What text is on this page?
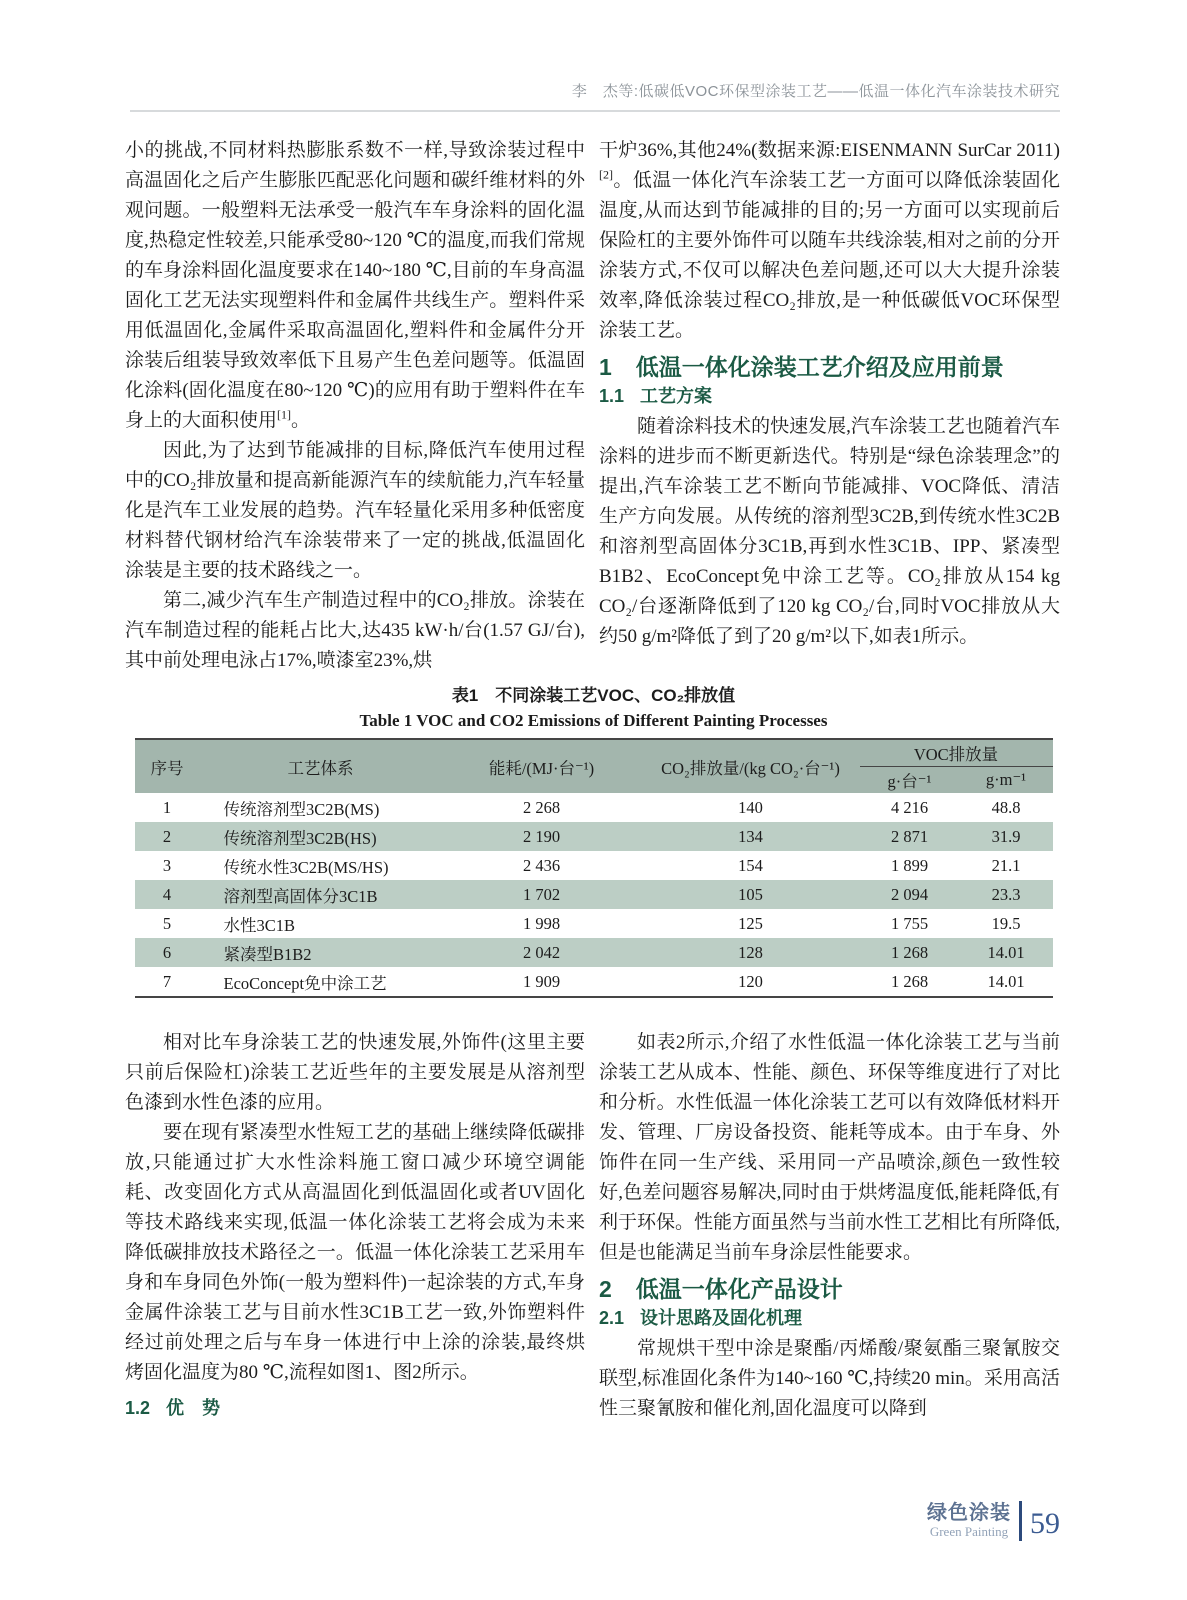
李　杰等:低碳低VOC环保型涂装工艺——低温一体化汽车涂装技术研究

小的挑战,不同材料热膨胀系数不一样,导致涂装过程中高温固化之后产生膨胀匹配恶化问题和碳纤维材料的外观问题。一般塑料无法承受一般汽车车身涂料的固化温度,热稳定性较差,只能承受80~120 ℃的温度,而我们常规的车身涂料固化温度要求在140~180 ℃,目前的车身高温固化工艺无法实现塑料件和金属件共线生产。塑料件采用低温固化,金属件采取高温固化,塑料件和金属件分开涂装后组装导致效率低下且易产生色差问题等。低温固化涂料(固化温度在80~120 ℃)的应用有助于塑料件在车身上的大面积使用[1]。

因此,为了达到节能减排的目标,降低汽车使用过程中的CO₂排放量和提高新能源汽车的续航能力,汽车轻量化是汽车工业发展的趋势。汽车轻量化采用多种低密度材料替代钢材给汽车涂装带来了一定的挑战,低温固化涂装是主要的技术路线之一。

第二,减少汽车生产制造过程中的CO₂排放。涂装在汽车制造过程的能耗占比大,达435 kW·h/台(1.57 GJ/台),其中前处理电泳占17%,喷漆室23%,烘

干炉36%,其他24%(数据来源:EISENMANN SurCar 2011)[2]。低温一体化汽车涂装工艺一方面可以降低涂装固化温度,从而达到节能减排的目的;另一方面可以实现前后保险杠的主要外饰件可以随车共线涂装,相对之前的分开涂装方式,不仅可以解决色差问题,还可以大大提升涂装效率,降低涂装过程CO₂排放,是一种低碳低VOC环保型涂装工艺。

1 低温一体化涂装工艺介绍及应用前景
1.1 工艺方案

随着涂料技术的快速发展,汽车涂装工艺也随着汽车涂料的进步而不断更新迭代。特别是“绿色涂装理念”的提出,汽车涂装工艺不断向节能减排、VOC降低、清洁生产方向发展。从传统的溶剂型3C2B,到传统水性3C2B和溶剂型高固体分3C1B,再到水性3C1B、IPP、紧凑型B1B2、EcoConcept免中涂工艺等。CO₂排放从154 kg CO₂/台逐渐降低到了120 kg CO₂/台,同时VOC排放从大约50 g/m²降低了到了20 g/m²以下,如表1所示。

表1　不同涂装工艺VOC、CO₂排放值
Table 1 VOC and CO2 Emissions of Different Painting Processes
序号	工艺体系	能耗/(MJ·台⁻¹)	CO₂排放量/(kg CO₂·台⁻¹)	VOC排放量	
				g·台⁻¹	g·m⁻¹
1	传统溶剂型3C2B(MS)	2 268	140	4 216	48.8
2	传统溶剂型3C2B(HS)	2 190	134	2 871	31.9
3	传统水性3C2B(MS/HS)	2 436	154	1 899	21.1
4	溶剂型高固体分3C1B	1 702	105	2 094	23.3
5	水性3C1B	1 998	125	1 755	19.5
6	紧凑型B1B2	2 042	128	1 268	14.01
7	EcoConcept免中涂工艺	1 909	120	1 268	14.01

相对比车身涂装工艺的快速发展,外饰件(这里主要只前后保险杠)涂装工艺近些年的主要发展是从溶剂型色漆到水性色漆的应用。

要在现有紧凑型水性短工艺的基础上继续降低碳排放,只能通过扩大水性涂料施工窗口减少环境空调能耗、改变固化方式从高温固化到低温固化或者UV固化等技术路线来实现,低温一体化涂装工艺将会成为未来降低碳排放技术路径之一。低温一体化涂装工艺采用车身和车身同色外饰(一般为塑料件)一起涂装的方式,车身金属件涂装工艺与目前水性3C1B工艺一致,外饰塑料件经过前处理之后与车身一体进行中上涂的涂装,最终烘烤固化温度为80 ℃,流程如图1、图2所示。

1.2 优　势

如表2所示,介绍了水性低温一体化涂装工艺与当前涂装工艺从成本、性能、颜色、环保等维度进行了对比和分析。水性低温一体化涂装工艺可以有效降低材料开发、管理、厂房设备投资、能耗等成本。由于车身、外饰件在同一生产线、采用同一产品喷涂,颜色一致性较好,色差问题容易解决,同时由于烘烤温度低,能耗降低,有利于环保。性能方面虽然与当前水性工艺相比有所降低,但是也能满足当前车身涂层性能要求。

2 低温一体化产品设计
2.1 设计思路及固化机理

常规烘干型中涂是聚酯/丙烯酸/聚氨酯三聚氰胺交联型,标准固化条件为140~160 ℃,持续20 min。采用高活性三聚氰胺和催化剂,固化温度可以降到

绿色涂装
Green Painting 59
